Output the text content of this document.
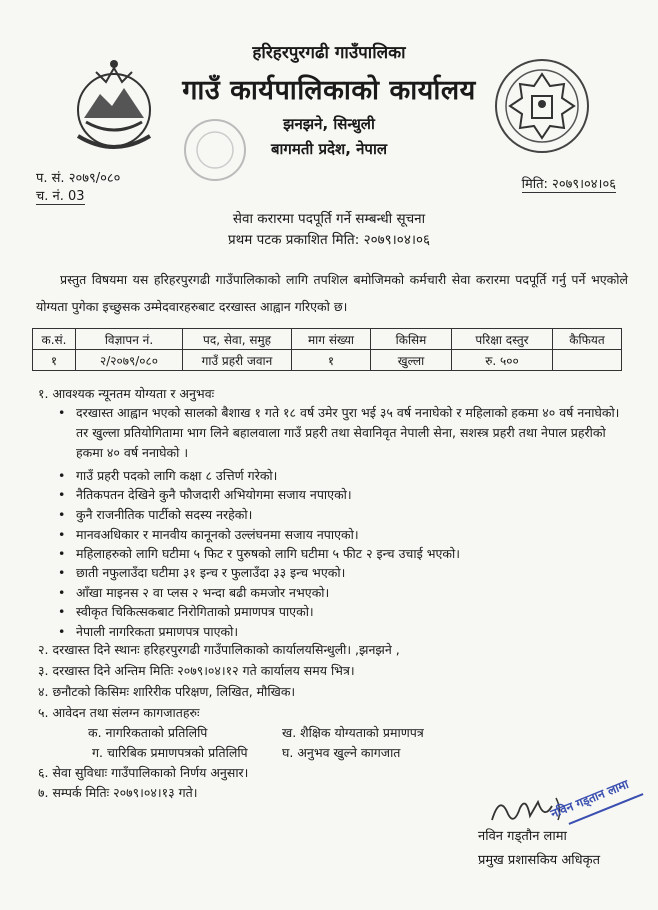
हरिहरपुरगढी गाउँपालिका
गाउँ कार्यपालिकाको कार्यालय
झनझने, सिन्धुली
बागमती प्रदेश, नेपाल
प. सं. २०७९/०८०
च. नं. 03
मिति: २०७९।०४।०६
सेवा करारमा पदपूर्ति गर्ने सम्बन्धी सूचना
प्रथम पटक प्रकाशित मिति: २०७९।०४।०६
प्रस्तुत विषयमा यस हरिहरपुरगढी गाउँपालिकाको लागि तपशिल बमोजिमको कर्मचारी सेवा करारमा पदपूर्ति गर्नु पर्ने भएकोले योग्यता पुगेका इच्छुसक उम्मेदवारहरुबाट दरखास्त आह्वान गरिएको छ।
क.सं.	विज्ञापन नं.	पद, सेवा, समुह	माग संख्या	किसिम	परिक्षा दस्तुर	कैफियत
१	२/२०७९/०८०	गाउँ प्रहरी जवान	१	खुल्ला	रु. ५००	
१. आवश्यक न्यूनतम योग्यता र अनुभवः
• दरखास्त आह्वान भएको सालको बैशाख १ गते १८ वर्ष उमेर पुरा भई ३५ वर्ष ननाघेको र महिलाको हकमा ४० वर्ष ननाघेको। तर खुल्ला प्रतियोगितामा भाग लिने बहालवाला गाउँ प्रहरी तथा सेवानिवृत नेपाली सेना, सशस्त्र प्रहरी तथा नेपाल प्रहरीको हकमा ४० वर्ष ननाघेको ।
• गाउँ प्रहरी पदको लागि कक्षा ८ उत्तिर्ण गरेको।
• नैतिकपतन देखिने कुनै फौजदारी अभियोगमा सजाय नपाएको।
• कुनै राजनीतिक पार्टीको सदस्य नरहेको।
• मानवअधिकार र मानवीय कानूनको उल्लंघनमा सजाय नपाएको।
• महिलाहरुको लागि घटीमा ५ फिट र पुरुषको लागि घटीमा ५ फीट २ इन्च उचाई भएको।
• छाती नफुलाउँदा घटीमा ३१ इन्च र फुलाउँदा ३३ इन्च भएको।
• आँखा माइनस २ वा प्लस २ भन्दा बढी कमजोर नभएको।
• स्वीकृत चिकित्सकबाट निरोगिताको प्रमाणपत्र पाएको।
• नेपाली नागरिकता प्रमाणपत्र पाएको।
२. दरखास्त दिने स्थानः हरिहरपुरगढी गाउँपालिकाको कार्यालयसिन्धुली। ,झनझने ,
३. दरखास्त दिने अन्तिम मितिः २०७९।०४।१२ गते कार्यालय समय भित्र।
४. छनौटको किसिमः शारिरीक परिक्षण, लिखित, मौखिक।
५. आवेदन तथा संलग्न कागजातहरुः
क. नागरिकताको प्रतिलिपि	ख. शैक्षिक योग्यताको प्रमाणपत्र
ग. चारिबिक प्रमाणपत्रको प्रतिलिपि	घ. अनुभव खुल्ने कागजात
६. सेवा सुविधाः गाउँपालिकाको निर्णय अनुसार।
७. सम्पर्क मितिः २०७९।०४।१३ गते।	नविन गड्तान लामा
नविन गड्तौन लामा
प्रमुख प्रशासकिय अधिकृत
